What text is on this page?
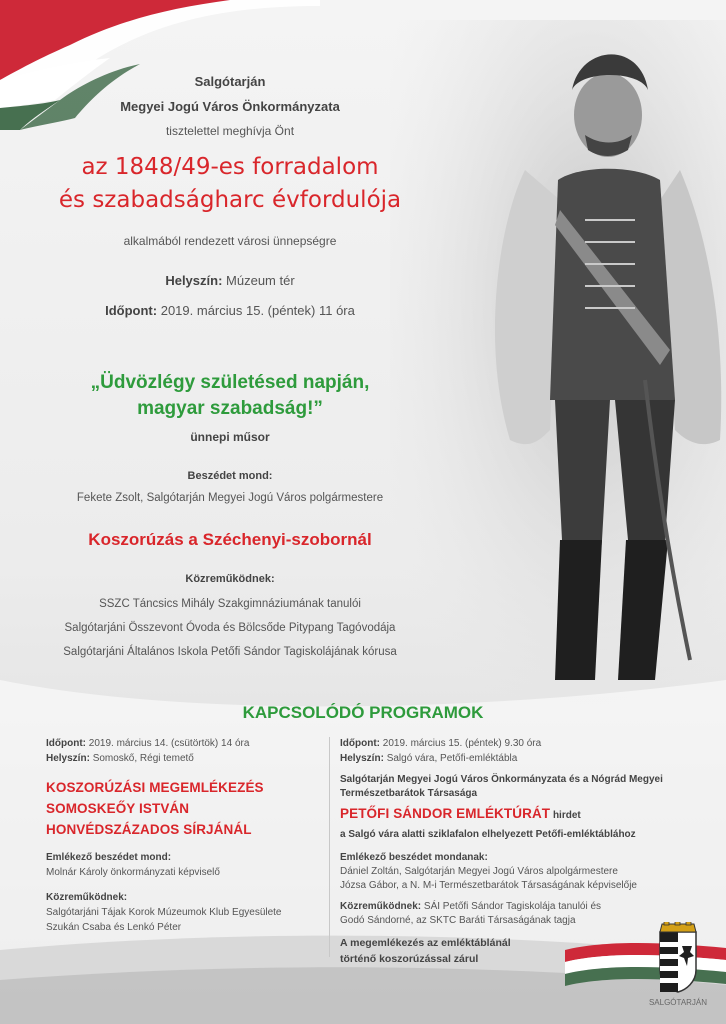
Salgótarján
Megyei Jogú Város Önkormányzata
tisztelettel meghívja Önt
az 1848/49-es forradalom
és szabadságharc évfordulója
alkalmából rendezett városi ünnepségre
Helyszín: Múzeum tér
Időpont: 2019. március 15. (péntek) 11 óra
„Üdvözlégy születésed napján,
magyar szabadság!”
ünnepi műsor
Beszédet mond:
Fekete Zsolt, Salgótarján Megyei Jogú Város polgármestere
Koszorúzás a Széchenyi-szobornál
Közreműködnek:
SSZC Táncsics Mihály Szakgimnáziumának tanulói
Salgótarjáni Összevont Óvoda és Bölcsőde Pitypang Tagóvodája
Salgótarjáni Általános Iskola Petőfi Sándor Tagiskolájának kórusa
KAPCSOLÓDÓ PROGRAMOK
Időpont: 2019. március 14. (csütörtök) 14 óra
Helyszín: Somoskő, Régi temető
KOSZORÚZÁSI MEGEMLÉKEZÉS
SOMOSKEŐY ISTVÁN
HONVÉDSZÁZADOS SÍRJÁNÁL
Emlékező beszédet mond:
Molnár Károly önkormányzati képviselő
Közreműködnek:
Salgótarjáni Tájak Korok Múzeumok Klub Egyesülete
Szukán Csaba és Lenkó Péter
Időpont: 2019. március 15. (péntek) 9.30 óra
Helyszín: Salgó vára, Petőfi-emléktábla
Salgótarján Megyei Jogú Város Önkormányzata és a Nógrád Megyei
Természetbarátok Társasága
PETŐFI SÁNDOR EMLÉKTÚRÁT hirdet
a Salgó vára alatti sziklafalon elhelyezett Petőfi-emléktáblához
Emlékező beszédet mondanak:
Dániel Zoltán, Salgótarján Megyei Jogú Város alpolgármestere
Józsa Gábor, a N. M-i Természetbarátok Társaságának képviselője
Közreműködnek: SÁI Petőfi Sándor Tagiskolája tanulói és
Godó Sándorné, az SKTC Baráti Társaságának tagja
A megemlékezés az emléktáblánál
történő koszorúzással zárul
SALGÓTARJÁN
